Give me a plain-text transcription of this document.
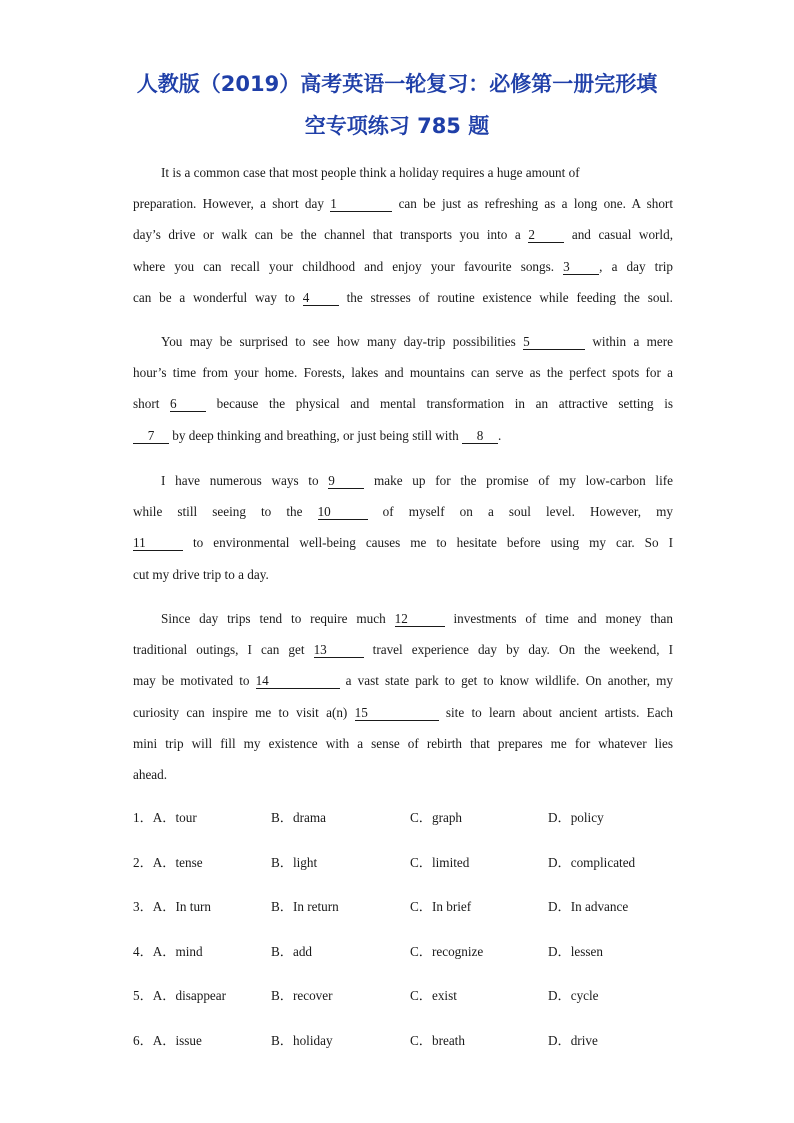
人教版（2019）高考英语一轮复习：必修第一册完形填
空专项练习 785 题
It is a common case that most people think a holiday requires a huge amount of
preparation. However, a short day 1	can be just as refreshing as a long one. A short
day’s drive or walk can be the channel that transports you into a 2 and casual world,
where you can recall your childhood and enjoy your favourite songs. 3 , a day trip
can be a wonderful way to 4 the stresses of routine existence while feeding the soul.
You may be surprised to see how many day-trip possibilities 5	within a mere
hour’s time from your home. Forests, lakes and mountains can serve as the perfect spots for a
short 6 because the physical and mental transformation in an attractive setting is
7 by deep thinking and breathing, or just being still with 8 .
I have numerous ways to 9 make up for the promise of my low-carbon life
while still seeing to the 10	of myself on a soul level. However, my
11	to environmental well-being causes me to hesitate before using my car. So I
cut my drive trip to a day.
Since day trips tend to require much 12	investments of time and money than
traditional outings, I can get 13	travel experience day by day. On the weekend, I
may be motivated to 14	a vast state park to get to know wildlife. On another, my
curiosity can inspire me to visit a(n) 15	site to learn about ancient artists. Each
mini trip will fill my existence with a sense of rebirth that prepares me for whatever lies
ahead.
1．A．tour	B．drama	C．graph	D．policy
2．A．tense	B．light	C．limited	D．complicated
3．A．In turn	B．In return	C．In brief	D．In advance
4．A．mind	B．add	C．recognize	D．lessen
5．A．disappear	B．recover	C．exist	D．cycle
6．A．issue	B．holiday	C．breath	D．drive
